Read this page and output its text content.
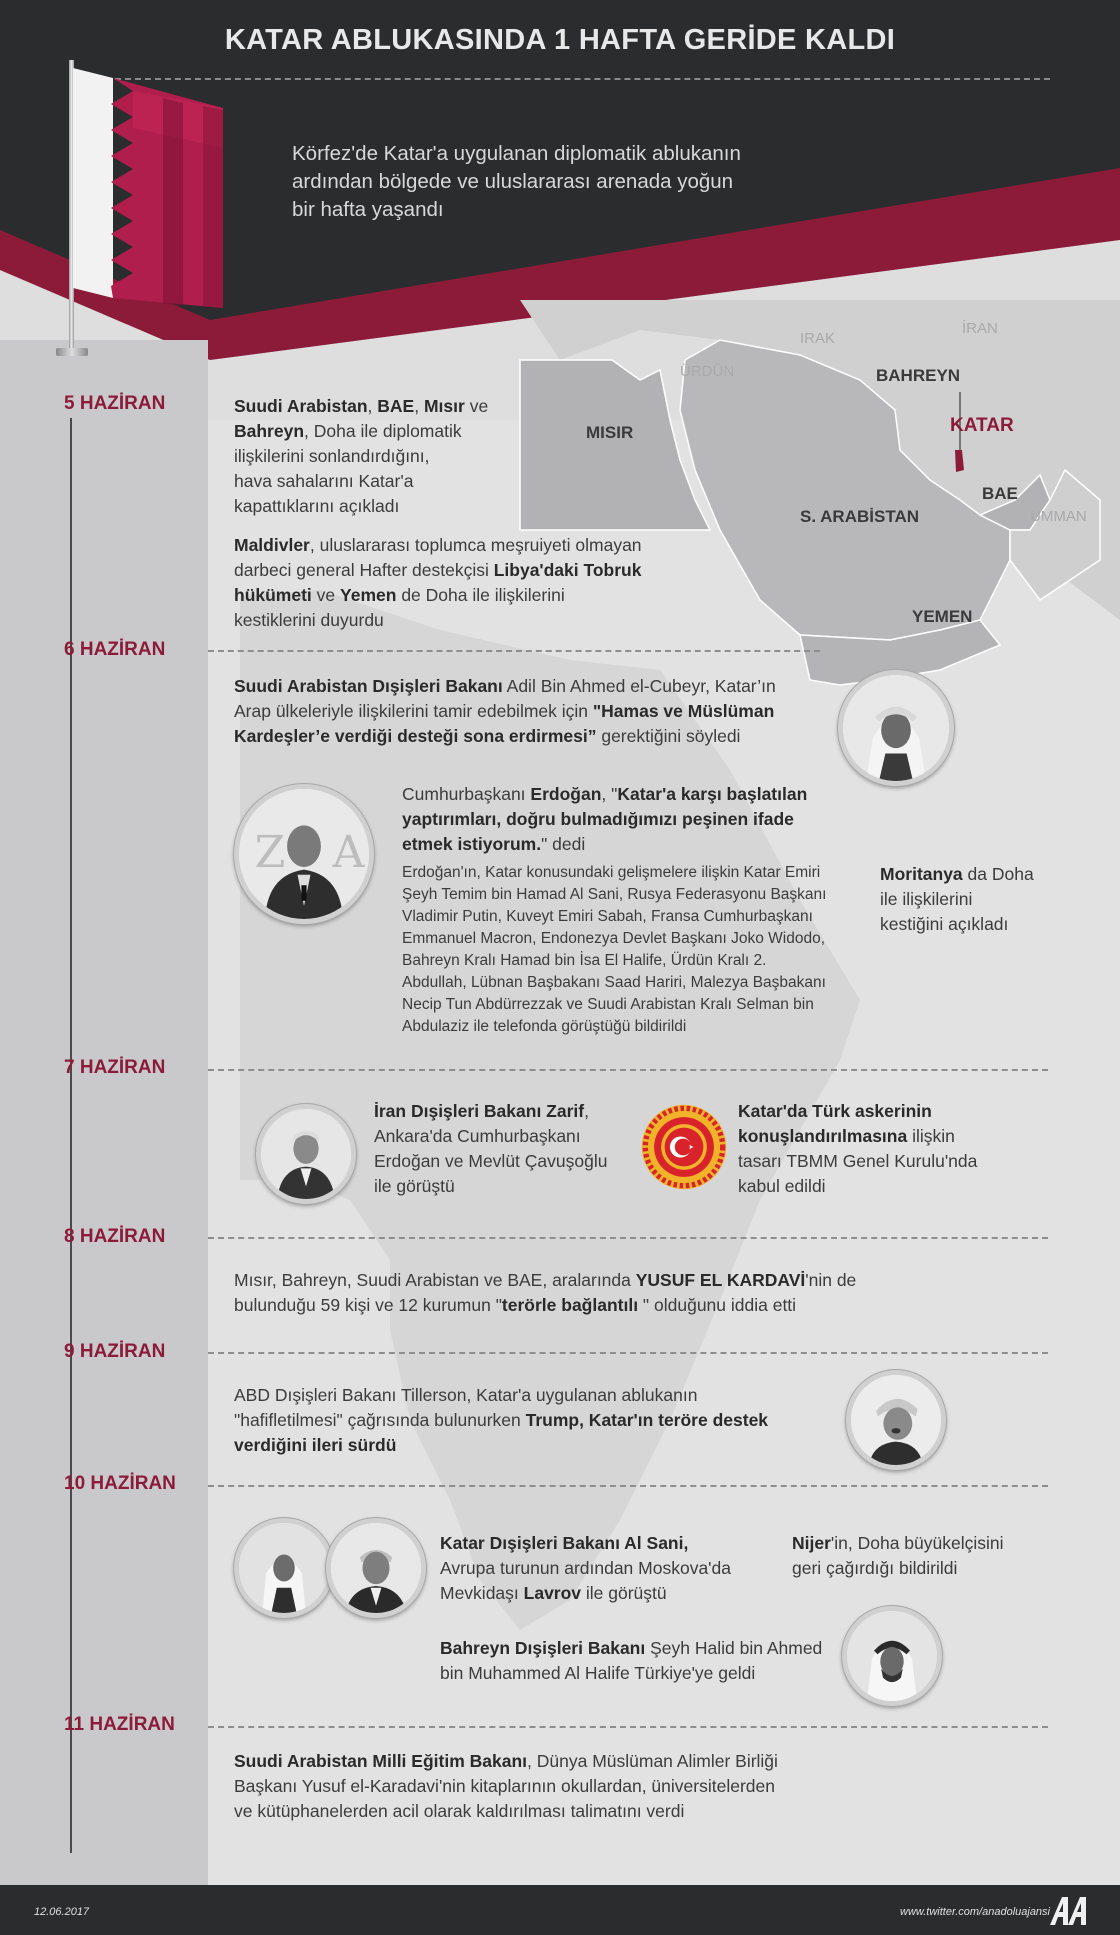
IRAK
İRAN
ÜRDÜN	BAHREYN
KATAR
MISIR
BAE
UMMAN
S. ARABİSTAN
YEMEN
KATAR ABLUKASINDA 1 HAFTA GERİDE KALDI
Körfez'de Katar'a uygulanan diplomatik ablukanın
ardından bölgede ve uluslararası arenada yoğun
bir hafta yaşandı
5 HAZİRAN	Suudi Arabistan, BAE, Mısır ve
Bahreyn, Doha ile diplomatik
ilişkilerini sonlandırdığını,
hava sahalarını Katar'a
kapattıklarını açıkladı
Maldivler, uluslararası toplumca meşruiyeti olmayan
darbeci general Hafter destekçisi Libya'daki Tobruk
hükümeti ve Yemen de Doha ile ilişkilerini
kestiklerini duyurdu
6 HAZİRAN
Suudi Arabistan Dışişleri Bakanı Adil Bin Ahmed el-Cubeyr, Katar’ın
Arap ülkeleriyle ilişkilerini tamir edebilmek için "Hamas ve Müslüman
Kardeşler’e verdiği desteği sona erdirmesi” gerektiğini söyledi
Z A
Cumhurbaşkanı Erdoğan, "Katar'a karşı başlatılan
yaptırımları, doğru bulmadığımızı peşinen ifade
etmek istiyorum." dedi
Erdoğan'ın, Katar konusundaki gelişmelere ilişkin Katar Emiri
Şeyh Temim bin Hamad Al Sani, Rusya Federasyonu Başkanı
Vladimir Putin, Kuveyt Emiri Sabah, Fransa Cumhurbaşkanı
Emmanuel Macron, Endonezya Devlet Başkanı Joko Widodo,
Bahreyn Kralı Hamad bin İsa El Halife, Ürdün Kralı 2.
Abdullah, Lübnan Başbakanı Saad Hariri, Malezya Başbakanı
Necip Tun Abdürrezzak ve Suudi Arabistan Kralı Selman bin
Abdulaziz ile telefonda görüştüğü bildirildi
Moritanya da Doha
ile ilişkilerini
kestiğini açıkladı
7 HAZİRAN
İran Dışişleri Bakanı Zarif,
Ankara'da Cumhurbaşkanı
Erdoğan ve Mevlüt Çavuşoğlu
ile görüştü
Katar'da Türk askerinin
konuşlandırılmasına ilişkin
tasarı TBMM Genel Kurulu'nda
kabul edildi
8 HAZİRAN
Mısır, Bahreyn, Suudi Arabistan ve BAE, aralarında YUSUF EL KARDAVİ'nin de
bulunduğu 59 kişi ve 12 kurumun "terörle bağlantılı " olduğunu iddia etti
9 HAZİRAN
ABD Dışişleri Bakanı Tillerson, Katar'a uygulanan ablukanın
"hafifletilmesi" çağrısında bulunurken Trump, Katar'ın teröre destek
verdiğini ileri sürdü
10 HAZİRAN
Katar Dışişleri Bakanı Al Sani,
Avrupa turunun ardından Moskova'da
Mevkidaşı Lavrov ile görüştü
Nijer'in, Doha büyükelçisini
geri çağırdığı bildirildi
Bahreyn Dışişleri Bakanı Şeyh Halid bin Ahmed
bin Muhammed Al Halife Türkiye'ye geldi
11 HAZİRAN
Suudi Arabistan Milli Eğitim Bakanı, Dünya Müslüman Alimler Birliği
Başkanı Yusuf el-Karadavi'nin kitaplarının okullardan, üniversitelerden
ve kütüphanelerden acil olarak kaldırılması talimatını verdi
12.06.2017	www.twitter.com/anadoluajansi
